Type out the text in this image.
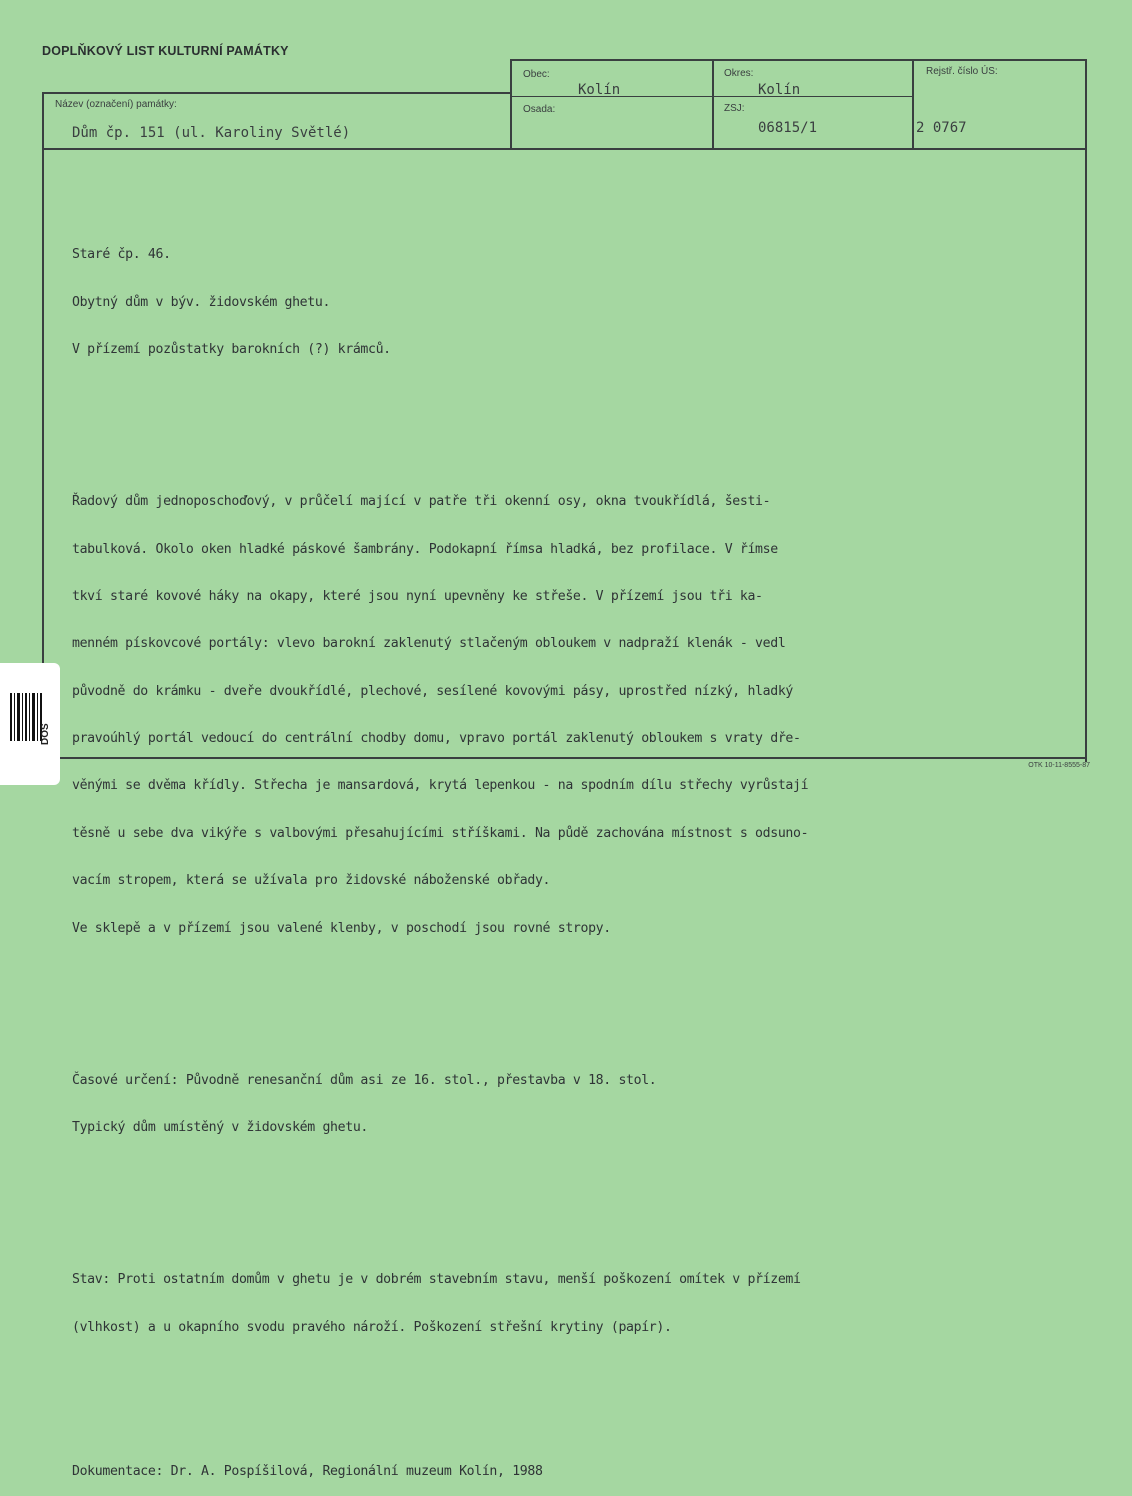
DOPLŇKOVÝ LIST KULTURNÍ PAMÁTKY
Obec:
Kolín
Osada:
Okres:
Kolín
ZSJ:
06815/1
Rejstř. číslo ÚS:
2 0767
Název (označení) památky:
Dům čp. 151 (ul. Karoliny Světlé)

Staré čp. 46.

Obytný dům v býv. židovském ghetu.

V přízemí pozůstatky barokních (?) krámců.

Řadový dům jednoposchoďový, v průčelí mající v patře tři okenní osy, okna tvoukřídlá, šesti-

tabulková. Okolo oken hladké páskové šambrány. Podokapní římsa hladká, bez profilace. V římse

tkví staré kovové háky na okapy, které jsou nyní upevněny ke střeše. V přízemí jsou tři ka-

menném pískovcové portály: vlevo barokní zaklenutý stlačeným obloukem v nadpraží klenák - vedl

původně do krámku - dveře dvoukřídlé, plechové, sesílené kovovými pásy, uprostřed nízký, hladký

pravoúhlý portál vedoucí do centrální chodby domu, vpravo portál zaklenutý obloukem s vraty dře-

věnými se dvěma křídly. Střecha je mansardová, krytá lepenkou - na spodním dílu střechy vyrůstají

těsně u sebe dva vikýře s valbovými přesahujícími stříškami. Na půdě zachována místnost s odsuno-

vacím stropem, která se užívala pro židovské náboženské obřady.

Ve sklepě a v přízemí jsou valené klenby, v poschodí jsou rovné stropy.

Časové určení: Původně renesanční dům asi ze 16. stol., přestavba v 18. stol.

Typický dům umístěný v židovském ghetu.

Stav: Proti ostatním domům v ghetu je v dobrém stavebním stavu, menší poškození omítek v přízemí

(vlhkost) a u okapního svodu pravého nároží. Poškození střešní krytiny (papír).

Dokumentace: Dr. A. Pospíšilová, Regionální muzeum Kolín, 1988

OTK 10-11-8555-87
DOS
